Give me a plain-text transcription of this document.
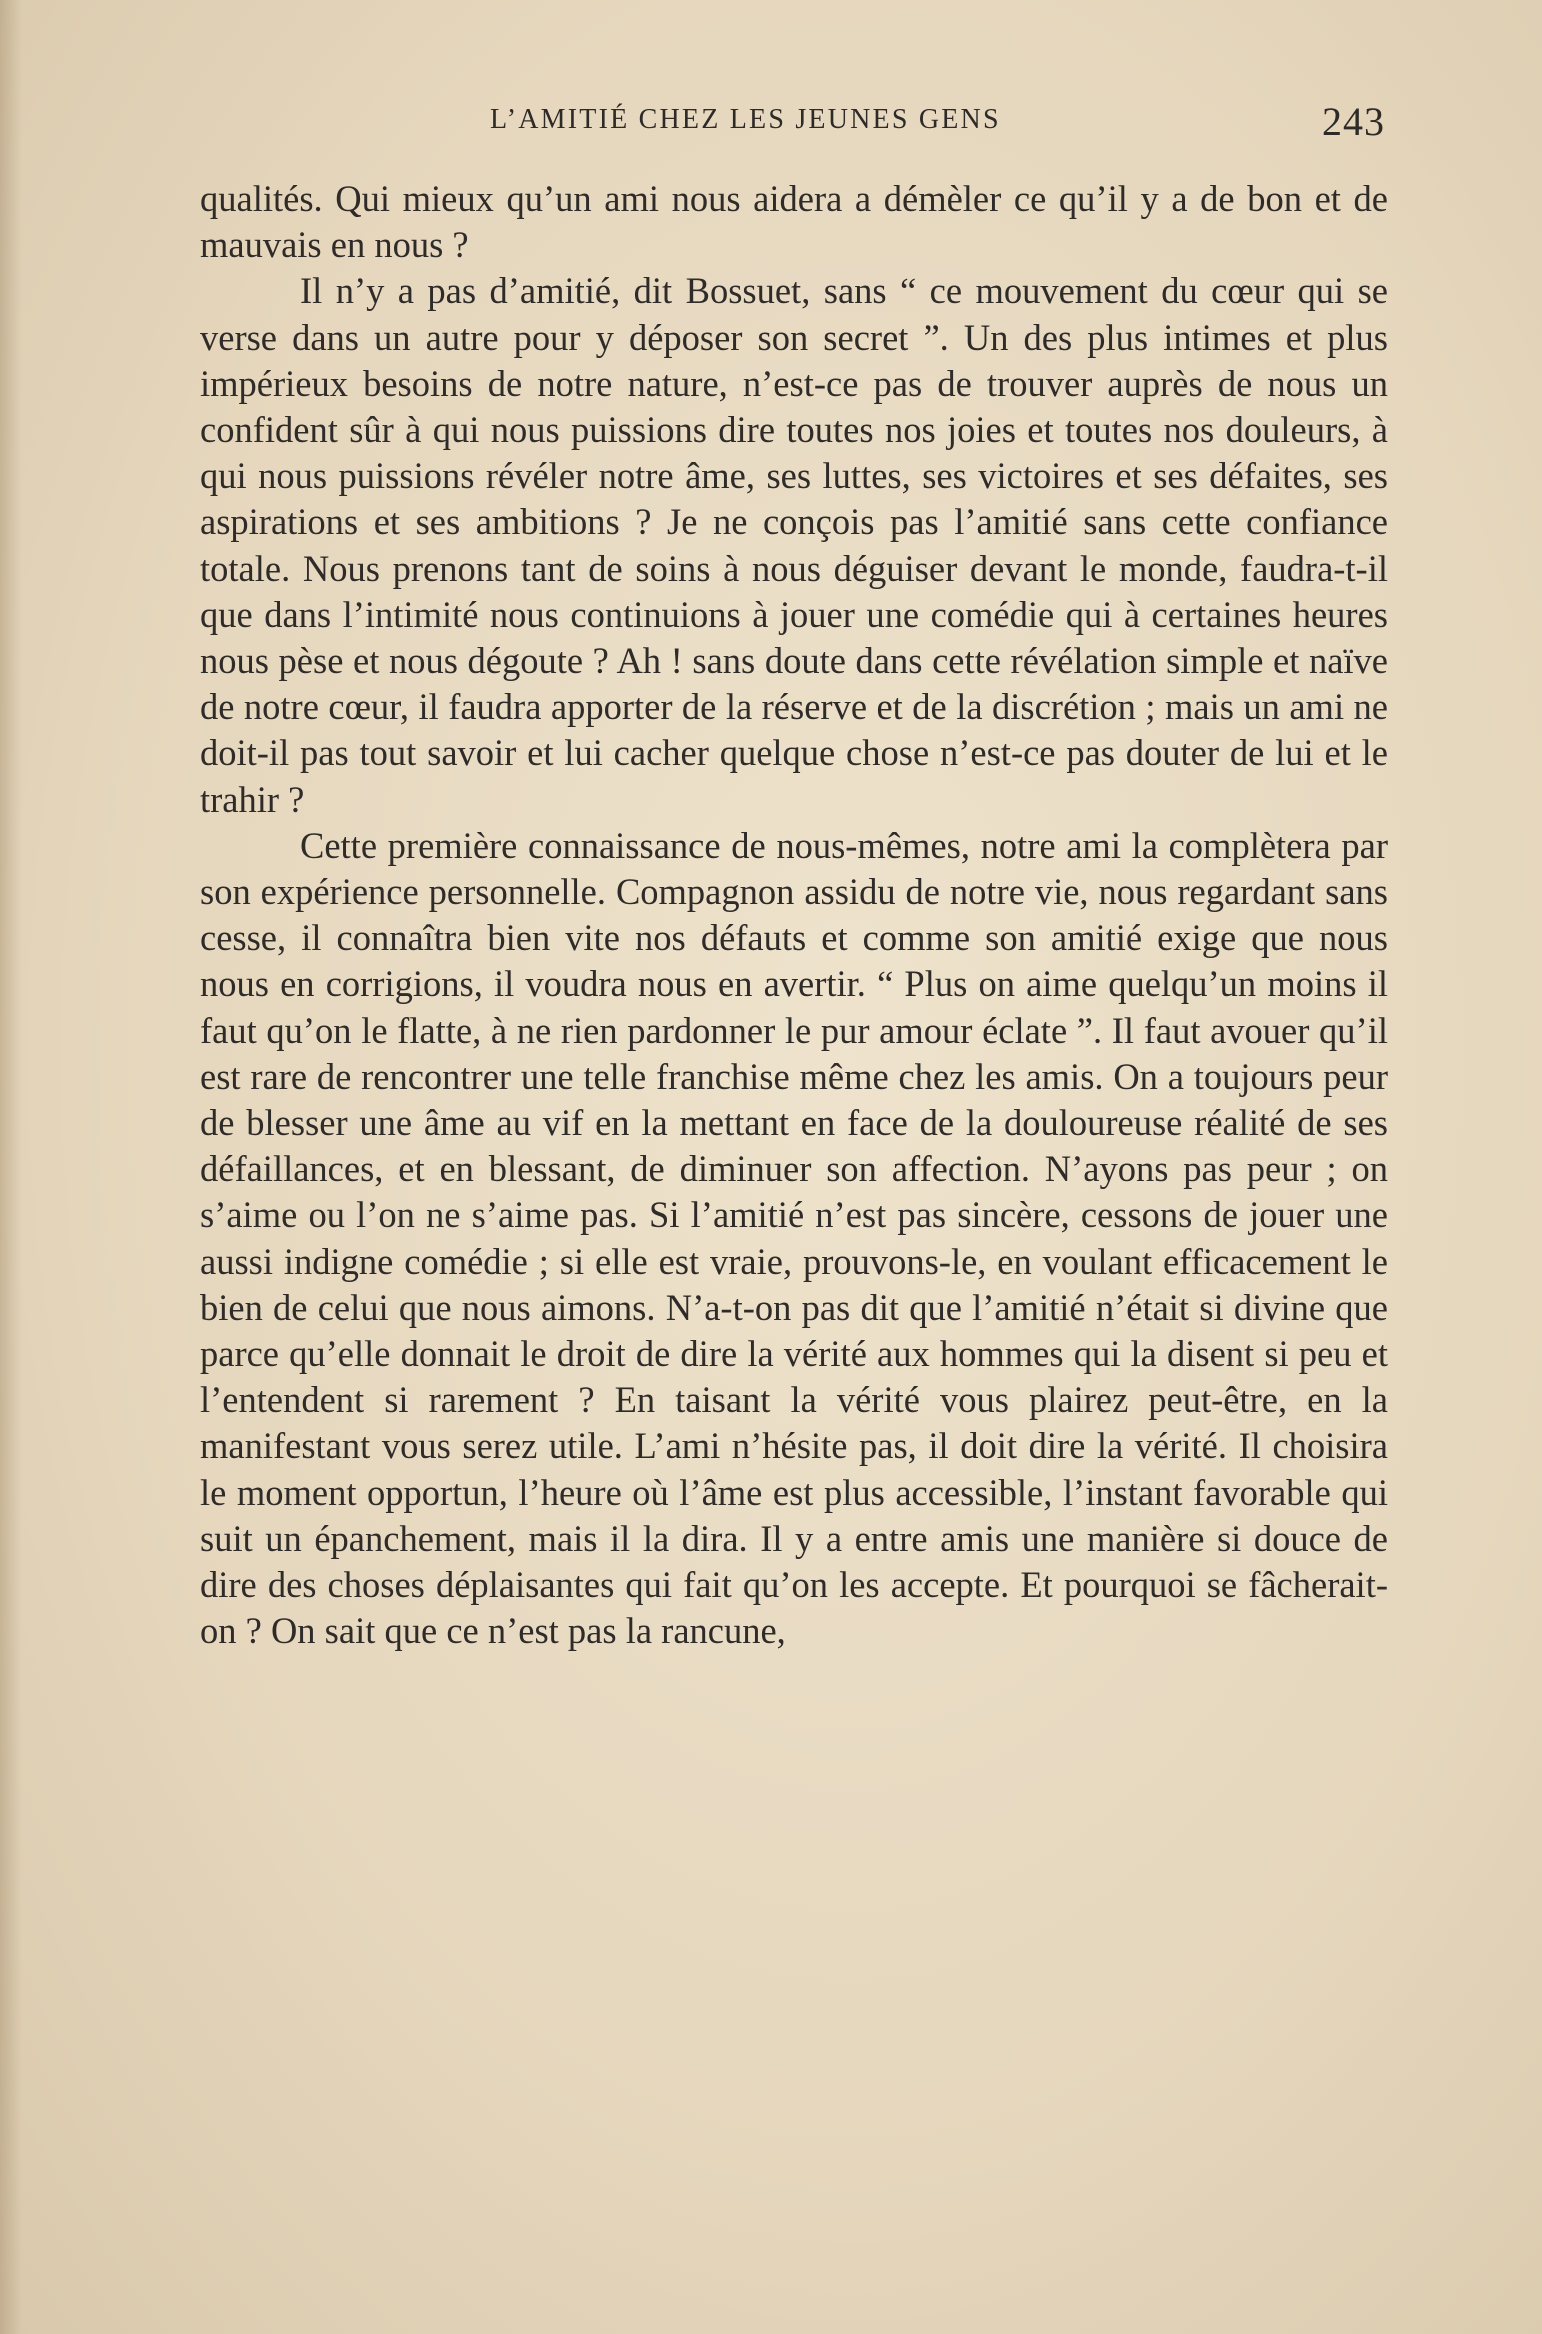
L’AMITIÉ CHEZ LES JEUNES GENS	243

qualités. Qui mieux qu’un ami nous aidera a démèler ce qu’il y a de bon et de mauvais en nous ?

Il n’y a pas d’amitié, dit Bossuet, sans “ ce mouvement du cœur qui se verse dans un autre pour y déposer son secret ”. Un des plus intimes et plus impérieux besoins de notre nature, n’est-ce pas de trouver auprès de nous un confident sûr à qui nous puissions dire toutes nos joies et toutes nos douleurs, à qui nous puissions révéler notre âme, ses luttes, ses victoires et ses défaites, ses aspirations et ses ambitions ? Je ne conçois pas l’amitié sans cette confiance totale. Nous prenons tant de soins à nous déguiser devant le monde, faudra-t-il que dans l’intimité nous continuions à jouer une comédie qui à certaines heures nous pèse et nous dégoute ? Ah ! sans doute dans cette révélation simple et naïve de notre cœur, il faudra apporter de la réserve et de la discrétion ; mais un ami ne doit-il pas tout savoir et lui cacher quelque chose n’est-ce pas douter de lui et le trahir ?

Cette première connaissance de nous-mêmes, notre ami la complètera par son expérience personnelle. Compagnon assidu de notre vie, nous regardant sans cesse, il connaîtra bien vite nos défauts et comme son amitié exige que nous nous en corrigions, il voudra nous en avertir. “ Plus on aime quelqu’un moins il faut qu’on le flatte, à ne rien pardonner le pur amour éclate ”. Il faut avouer qu’il est rare de rencontrer une telle franchise même chez les amis. On a toujours peur de blesser une âme au vif en la mettant en face de la douloureuse réalité de ses défaillances, et en blessant, de diminuer son affection. N’ayons pas peur ; on s’aime ou l’on ne s’aime pas. Si l’amitié n’est pas sincère, cessons de jouer une aussi indigne comédie ; si elle est vraie, prouvons-le, en voulant efficacement le bien de celui que nous aimons. N’a-t-on pas dit que l’amitié n’était si divine que parce qu’elle donnait le droit de dire la vérité aux hommes qui la disent si peu et l’entendent si rarement ? En taisant la vérité vous plairez peut-être, en la manifestant vous serez utile. L’ami n’hésite pas, il doit dire la vérité. Il choisira le moment opportun, l’heure où l’âme est plus accessible, l’instant favorable qui suit un épanchement, mais il la dira. Il y a entre amis une manière si douce de dire des choses déplaisantes qui fait qu’on les accepte. Et pourquoi se fâcherait-on ? On sait que ce n’est pas la rancune,
